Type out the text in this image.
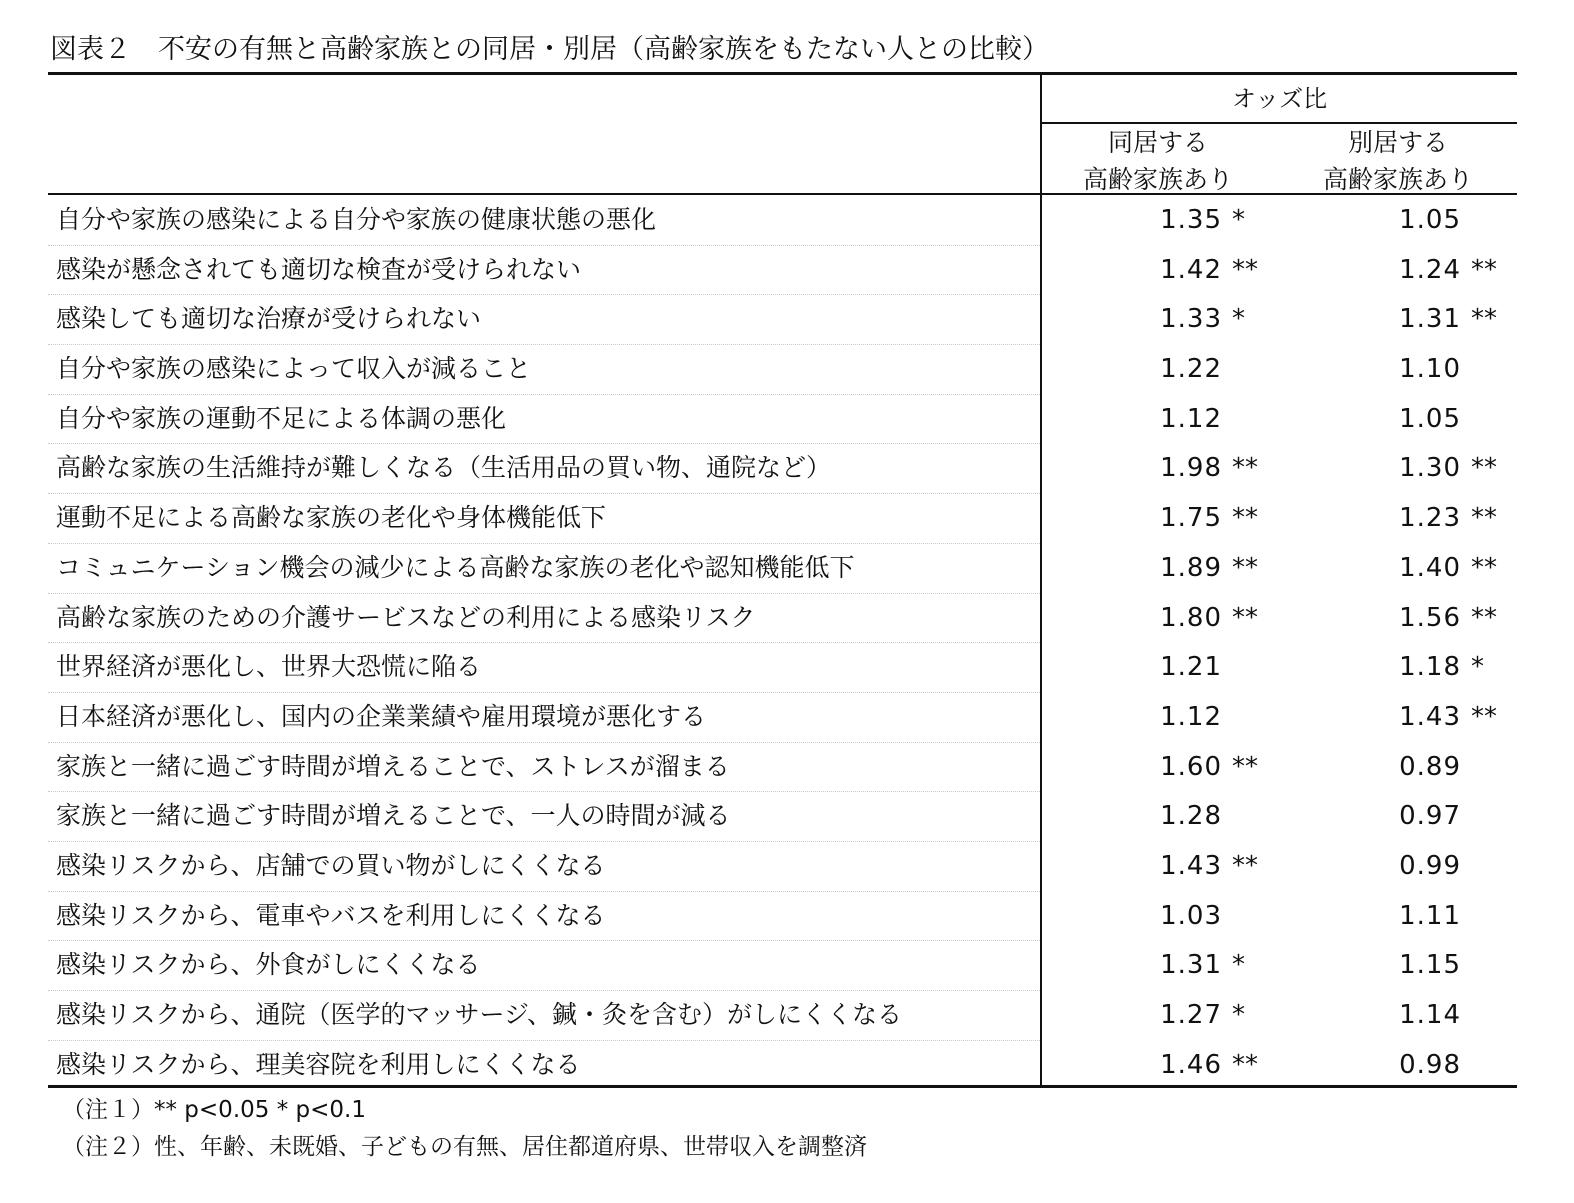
図表２　不安の有無と高齢家族との同居・別居（高齢家族をもたない人との比較）
オッズ比
同居する
高齢家族あり
別居する
高齢家族あり
自分や家族の感染による自分や家族の健康状態の悪化	1.35 *	1.05
感染が懸念されても適切な検査が受けられない	1.42 **	1.24 **
感染しても適切な治療が受けられない	1.33 *	1.31 **
自分や家族の感染によって収入が減ること	1.22	1.10
自分や家族の運動不足による体調の悪化	1.12	1.05
高齢な家族の生活維持が難しくなる（生活用品の買い物、通院など）	1.98 **	1.30 **
運動不足による高齢な家族の老化や身体機能低下	1.75 **	1.23 **
コミュニケーション機会の減少による高齢な家族の老化や認知機能低下	1.89 **	1.40 **
高齢な家族のための介護サービスなどの利用による感染リスク	1.80 **	1.56 **
世界経済が悪化し、世界大恐慌に陥る	1.21	1.18 *
日本経済が悪化し、国内の企業業績や雇用環境が悪化する	1.12	1.43 **
家族と一緒に過ごす時間が増えることで、ストレスが溜まる	1.60 **	0.89
家族と一緒に過ごす時間が増えることで、一人の時間が減る	1.28	0.97
感染リスクから、店舗での買い物がしにくくなる	1.43 **	0.99
感染リスクから、電車やバスを利用しにくくなる	1.03	1.11
感染リスクから、外食がしにくくなる	1.31 *	1.15
感染リスクから、通院（医学的マッサージ、鍼・灸を含む）がしにくくなる	1.27 *	1.14
感染リスクから、理美容院を利用しにくくなる	1.46 **	0.98
（注１）** p<0.05 * p<0.1
（注２）性、年齢、未既婚、子どもの有無、居住都道府県、世帯収入を調整済
